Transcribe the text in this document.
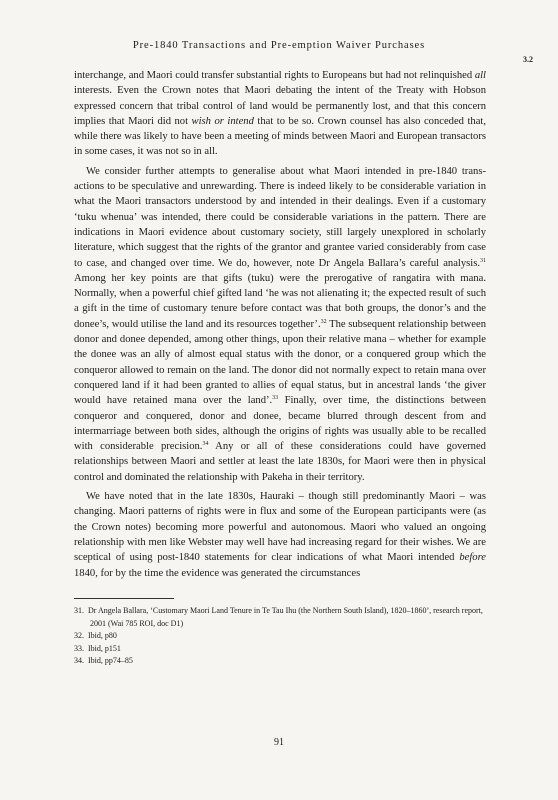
Pre-1840 Transactions and Pre-emption Waiver Purchases
3.2

interchange, and Maori could transfer substantial rights to Europeans but had not relinquished all interests. Even the Crown notes that Maori debating the intent of the Treaty with Hobson expressed concern that tribal control of land would be permanently lost, and that this concern implies that Maori did not wish or intend that to be so. Crown counsel has also conceded that, while there was likely to have been a meeting of minds between Maori and European transactors in some cases, it was not so in all.

We consider further attempts to generalise about what Maori intended in pre-1840 transactions to be speculative and unrewarding. There is indeed likely to be considerable variation in what the Maori transactors understood by and intended in their dealings. Even if a customary ‘tuku whenua’ was intended, there could be considerable variations in the pattern. There are indications in Maori evidence about customary society, still largely unexplored in scholarly literature, which suggest that the rights of the grantor and grantee varied considerably from case to case, and changed over time. We do, however, note Dr Angela Ballara’s careful analysis.$^{31}$ Among her key points are that gifts (tuku) were the prerogative of rangatira with mana. Normally, when a powerful chief gifted land ‘he was not alienating it; the expected result of such a gift in the time of customary tenure before contact was that both groups, the donor’s and the donee’s, would utilise the land and its resources together’.$^{32}$ The subsequent relationship between donor and donee depended, among other things, upon their relative mana – whether for example the donee was an ally of almost equal status with the donor, or a conquered group which the conqueror allowed to remain on the land. The donor did not normally expect to retain mana over conquered land if it had been granted to allies of equal status, but in ancestral lands ‘the giver would have retained mana over the land’.$^{33}$ Finally, over time, the distinctions between conqueror and conquered, donor and donee, became blurred through descent from and intermarriage between both sides, although the origins of rights was usually able to be recalled with considerable precision.$^{34}$ Any or all of these considerations could have governed relationships between Maori and settler at least the late 1830s, for Maori were then in physical control and dominated the relationship with Pakeha in their territory.

We have noted that in the late 1830s, Hauraki – though still predominantly Maori – was changing. Maori patterns of rights were in flux and some of the European participants were (as the Crown notes) becoming more powerful and autonomous. Maori who valued an ongoing relationship with men like Webster may well have had increasing regard for their wishes. We are sceptical of using post-1840 statements for clear indications of what Maori intended before 1840, for by the time the evidence was generated the circumstances

31. Dr Angela Ballara, ‘Customary Maori Land Tenure in Te Tau Ihu (the Northern South Island), 1820–1860’, research report, 2001 (Wai 785 ROI, doc D1)

32. Ibid, p80

33. Ibid, p151

34. Ibid, pp74–85

91
